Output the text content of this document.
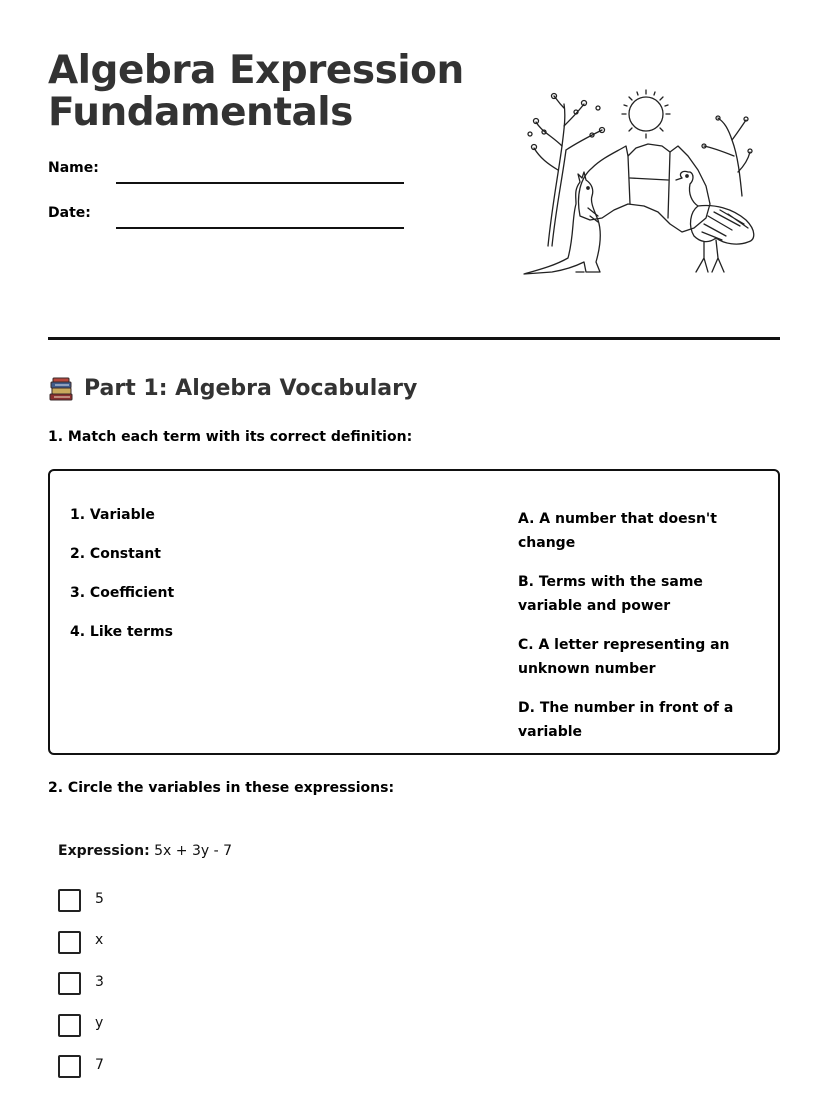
Algebra Expression
Fundamentals
Name:
Date:
Part 1: Algebra Vocabulary

1. Match each term with its correct definition:

1. Variable
2. Constant
3. Coefficient
4. Like terms
A. A number that doesn't change
B. Terms with the same variable and power
C. A letter representing an unknown number
D. The number in front of a variable

2. Circle the variables in these expressions:

Expression: 5x + 3y - 7
5
x
3
y
7
